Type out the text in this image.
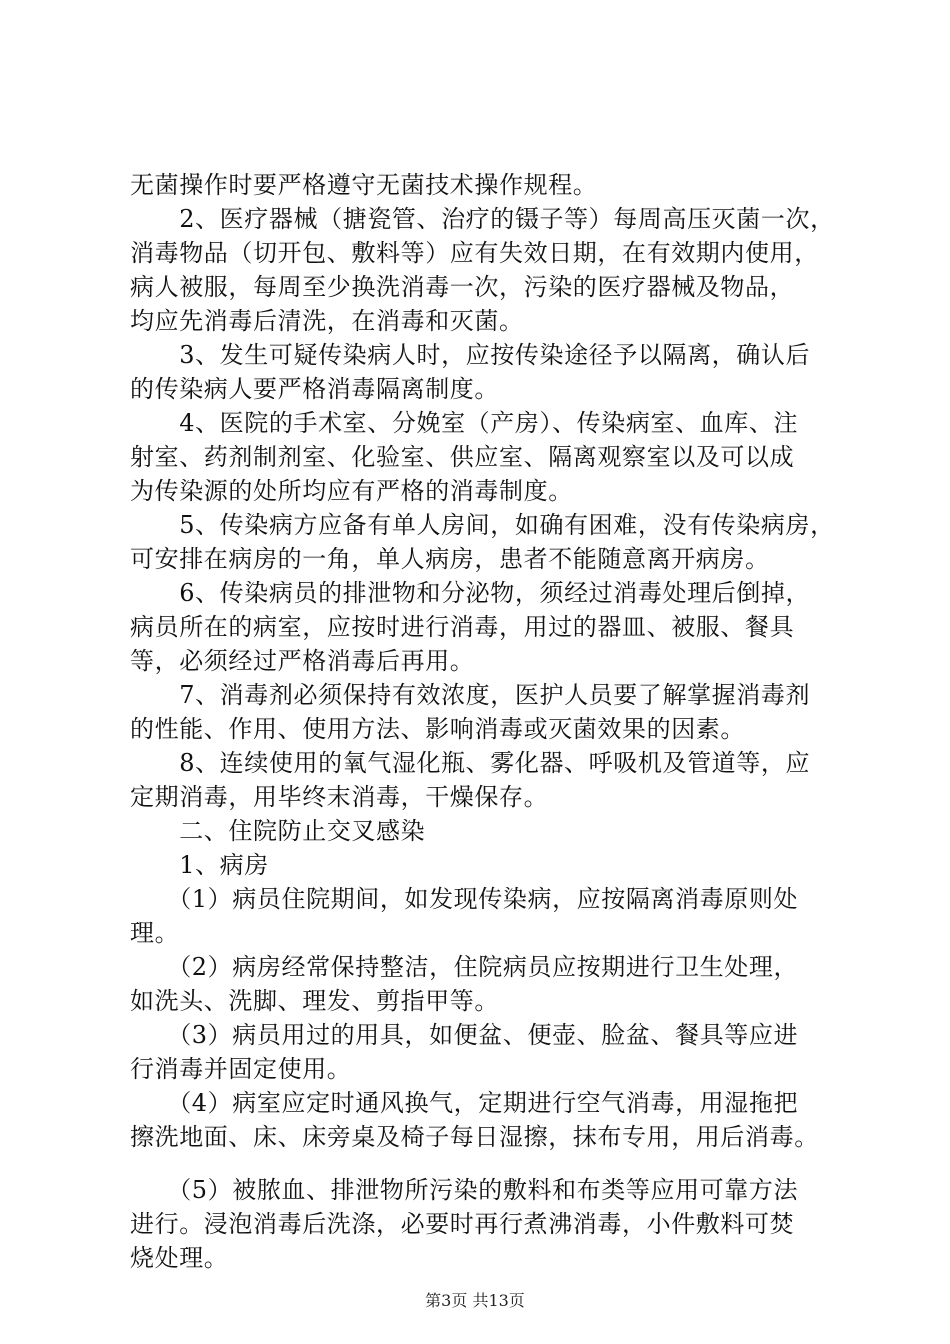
无菌操作时要严格遵守无菌技术操作规程。
　　2、医疗器械（搪瓷管、治疗的镊子等）每周高压灭菌一次，
消毒物品（切开包、敷料等）应有失效日期，在有效期内使用，
病人被服，每周至少换洗消毒一次，污染的医疗器械及物品，
均应先消毒后清洗，在消毒和灭菌。
　　3、发生可疑传染病人时，应按传染途径予以隔离，确认后
的传染病人要严格消毒隔离制度。
　　4、医院的手术室、分娩室（产房）、传染病室、血库、注
射室、药剂制剂室、化验室、供应室、隔离观察室以及可以成
为传染源的处所均应有严格的消毒制度。
　　5、传染病方应备有单人房间，如确有困难，没有传染病房，
可安排在病房的一角，单人病房，患者不能随意离开病房。
　　6、传染病员的排泄物和分泌物，须经过消毒处理后倒掉，
病员所在的病室，应按时进行消毒，用过的器皿、被服、餐具
等，必须经过严格消毒后再用。
　　7、消毒剂必须保持有效浓度，医护人员要了解掌握消毒剂
的性能、作用、使用方法、影响消毒或灭菌效果的因素。
　　8、连续使用的氧气湿化瓶、雾化器、呼吸机及管道等，应
定期消毒，用毕终末消毒，干燥保存。
　　二、住院防止交叉感染
　　1、病房
　　（1）病员住院期间，如发现传染病，应按隔离消毒原则处
理。
　　（2）病房经常保持整洁，住院病员应按期进行卫生处理，
如洗头、洗脚、理发、剪指甲等。
　　（3）病员用过的用具，如便盆、便壶、脸盆、餐具等应进
行消毒并固定使用。
　　（4）病室应定时通风换气，定期进行空气消毒，用湿拖把
擦洗地面、床、床旁桌及椅子每日湿擦，抹布专用，用后消毒。
　　（5）被脓血、排泄物所污染的敷料和布类等应用可靠方法
进行。浸泡消毒后洗涤，必要时再行煮沸消毒，小件敷料可焚
烧处理。
第3页 共13页
